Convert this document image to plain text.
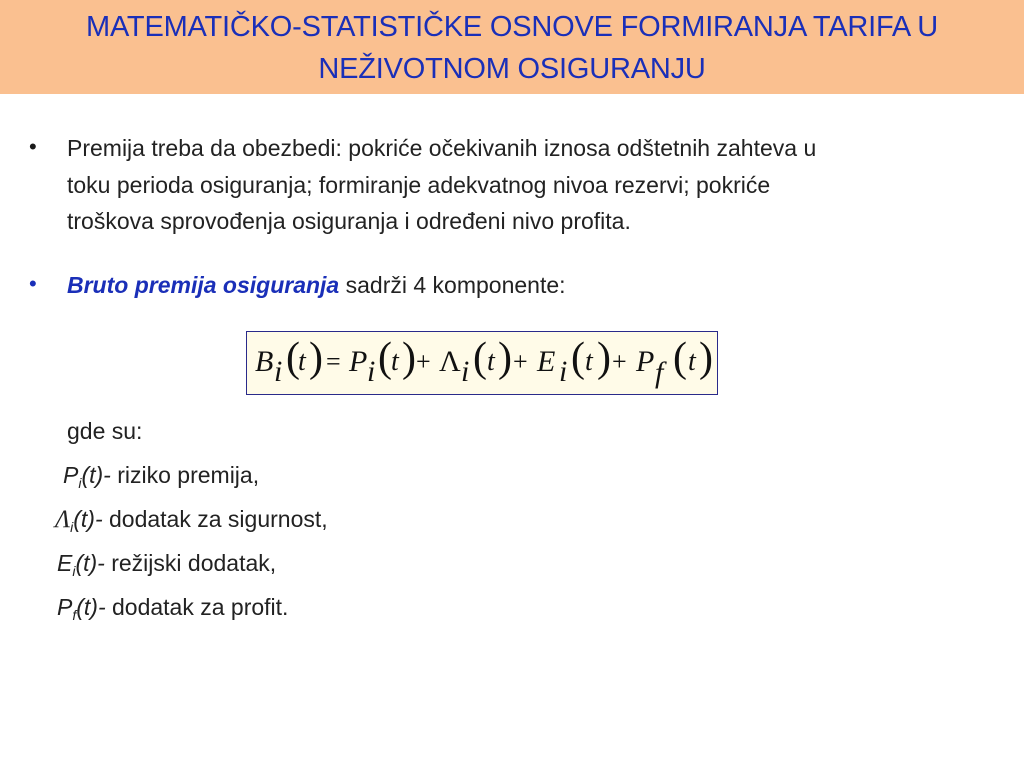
MATEMATIČKO-STATISTIČKE OSNOVE FORMIRANJA TARIFA U
NEŽIVOTNOM OSIGURANJU
• Premija treba da obezbedi: pokriće očekivanih iznosa odštetnih zahteva u
toku perioda osiguranja; formiranje adekvatnog nivoa rezervi; pokriće
troškova sprovođenja osiguranja i određeni nivo profita.
• Bruto premija osiguranja sadrži 4 komponente:
B i (
t ) = P i ( t ) + Λ i ( t ) + E i ( t ) + P f ( t )
gde su:
$P_i(t)-$ riziko premija,
$\Lambda_i(t)-$ dodatak za sigurnost,
$E_i(t)-$ režijski dodatak,
$P_f(t)-$ dodatak za profit.
